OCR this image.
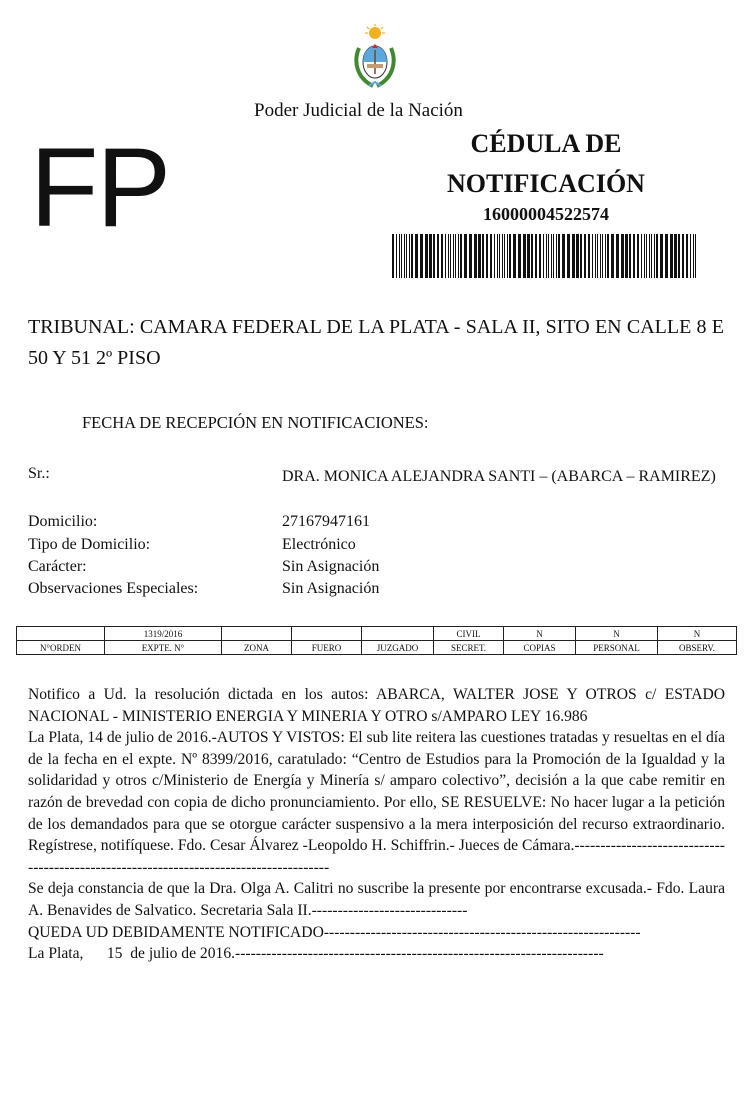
Poder Judicial de la Nación
FP	CÉDULA DE
NOTIFICACIÓN
16000004522574
TRIBUNAL: CAMARA FEDERAL DE LA PLATA - SALA II, SITO EN CALLE 8 E 50 Y 51 2º PISO
FECHA DE RECEPCIÓN EN NOTIFICACIONES:
Sr.:	DRA. MONICA ALEJANDRA SANTI – (ABARCA – RAMIREZ)
Domicilio:	27167947161
Tipo de Domicilio:	Electrónico
Carácter:	Sin Asignación
Observaciones Especiales:	Sin Asignación
	1319/2016				CIVIL	N	N	N
N°ORDEN	EXPTE. N°	ZONA	FUERO	JUZGADO	SECRET.	COPIAS	PERSONAL	OBSERV.

Notifico a Ud. la resolución dictada en los autos: ABARCA, WALTER JOSE Y OTROS c/ ESTADO NACIONAL - MINISTERIO ENERGIA Y MINERIA Y OTRO s/AMPARO LEY 16.986

La Plata, 14 de julio de 2016.-AUTOS Y VISTOS: El sub lite reitera las cuestiones tratadas y resueltas en el día de la fecha en el expte. Nº 8399/2016, caratulado: “Centro de Estudios para la Promoción de la Igualdad y la solidaridad y otros c/Ministerio de Energía y Minería s/ amparo colectivo”, decisión a la que cabe remitir en razón de brevedad con copia de dicho pronunciamiento. Por ello, SE RESUELVE: No hacer lugar a la petición de los demandados para que se otorgue carácter suspensivo a la mera interposición del recurso extraordinario. Regístrese, notifíquese. Fdo. Cesar Álvarez -Leopoldo H. Schiffrin.- Jueces de Cámara.---------------------------------------------------------------------------------------

Se deja constancia de que la Dra. Olga A. Calitri no suscribe la presente por encontrarse excusada.- Fdo. Laura A. Benavides de Salvatico. Secretaria Sala II.------------------------------

QUEDA UD DEBIDAMENTE NOTIFICADO-------------------------------------------------------------

La Plata,      15  de julio de 2016.-----------------------------------------------------------------------
